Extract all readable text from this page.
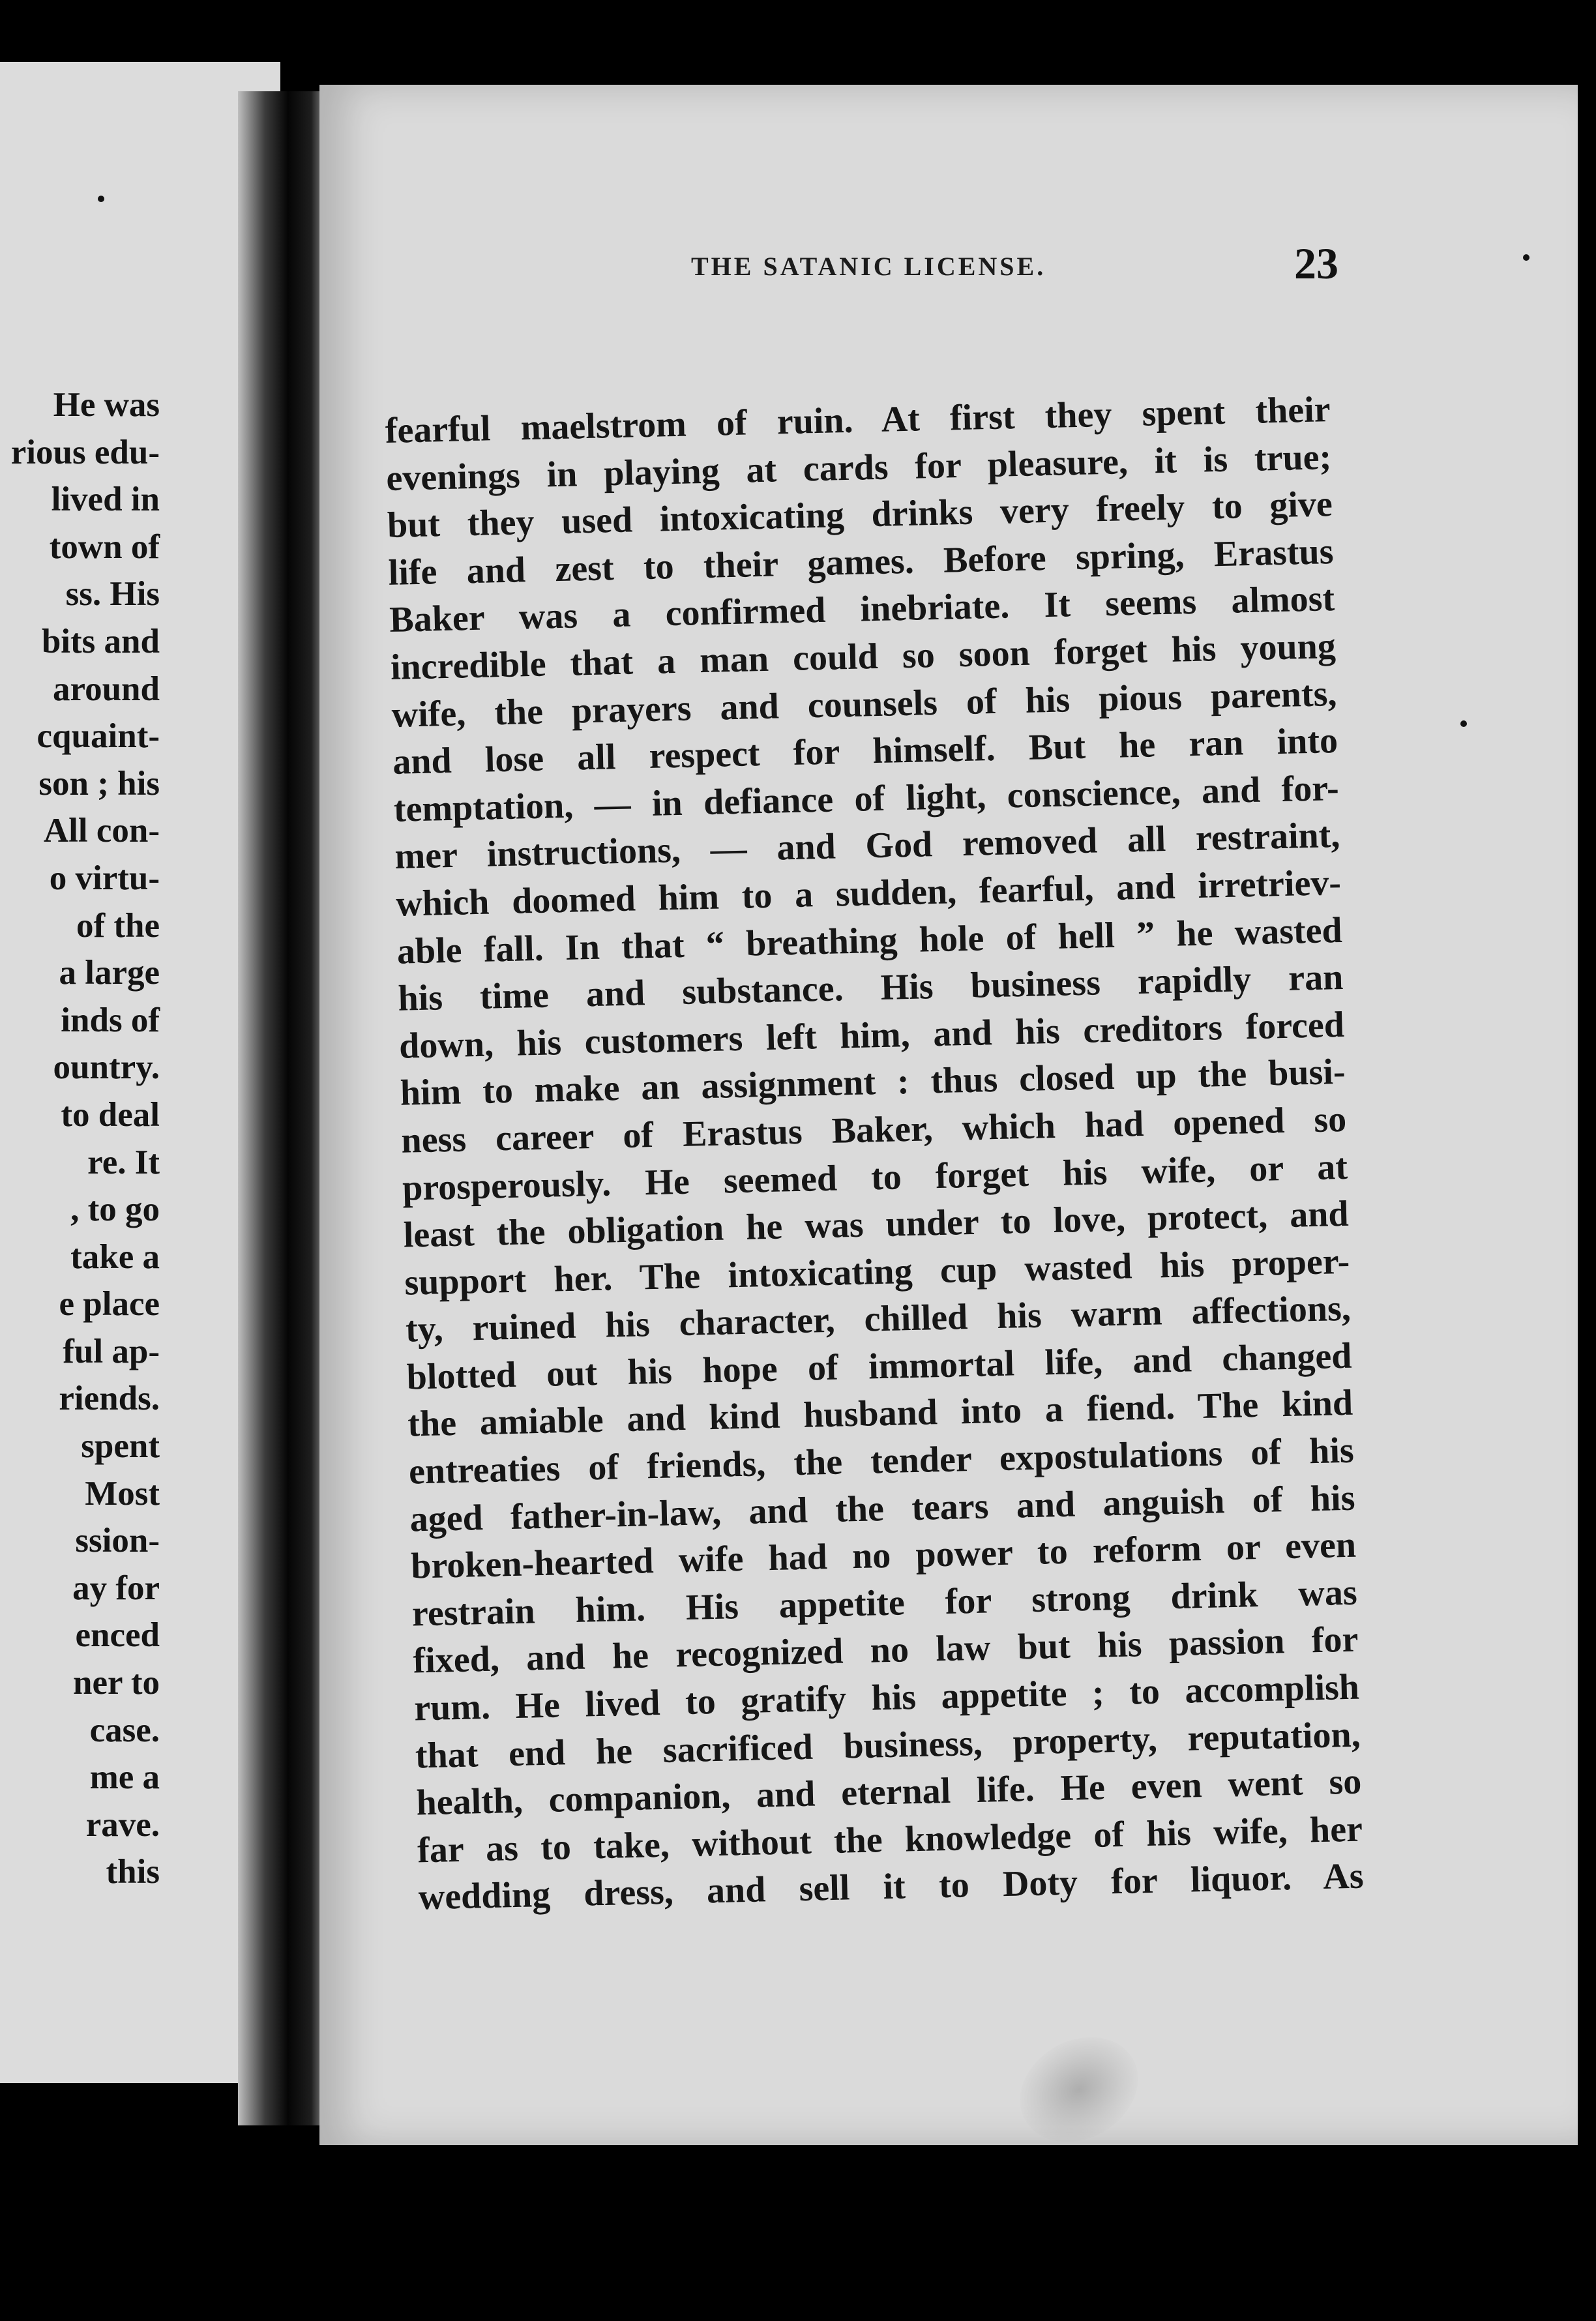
He was
rious edu-
lived in
town of
ss. His
bits and
around
cquaint-
son ; his
All con-
o virtu-
of the
a large
inds of
ountry.
to deal
re. It
, to go
take a
e place
ful ap-
riends.
spent
Most
ssion-
ay for
enced
ner to
case.
me a
rave.
this
THE SATANIC LICENSE.	23
fearful maelstrom of ruin. At first they spent their
evenings in playing at cards for pleasure, it is true;
but they used intoxicating drinks very freely to give
life and zest to their games. Before spring, Erastus
Baker was a confirmed inebriate. It seems almost
incredible that a man could so soon forget his young
wife, the prayers and counsels of his pious parents,
and lose all respect for himself. But he ran into
temptation, — in defiance of light, conscience, and for-
mer instructions, — and God removed all restraint,
which doomed him to a sudden, fearful, and irretriev-
able fall. In that “ breathing hole of hell ” he wasted
his time and substance. His business rapidly ran
down, his customers left him, and his creditors forced
him to make an assignment : thus closed up the busi-
ness career of Erastus Baker, which had opened so
prosperously. He seemed to forget his wife, or at
least the obligation he was under to love, protect, and
support her. The intoxicating cup wasted his proper-
ty, ruined his character, chilled his warm affections,
blotted out his hope of immortal life, and changed
the amiable and kind husband into a fiend. The kind
entreaties of friends, the tender expostulations of his
aged father-in-law, and the tears and anguish of his
broken-hearted wife had no power to reform or even
restrain him. His appetite for strong drink was
fixed, and he recognized no law but his passion for
rum. He lived to gratify his appetite ; to accomplish
that end he sacrificed business, property, reputation,
health, companion, and eternal life. He even went so
far as to take, without the knowledge of his wife, her
wedding dress, and sell it to Doty for liquor. As
